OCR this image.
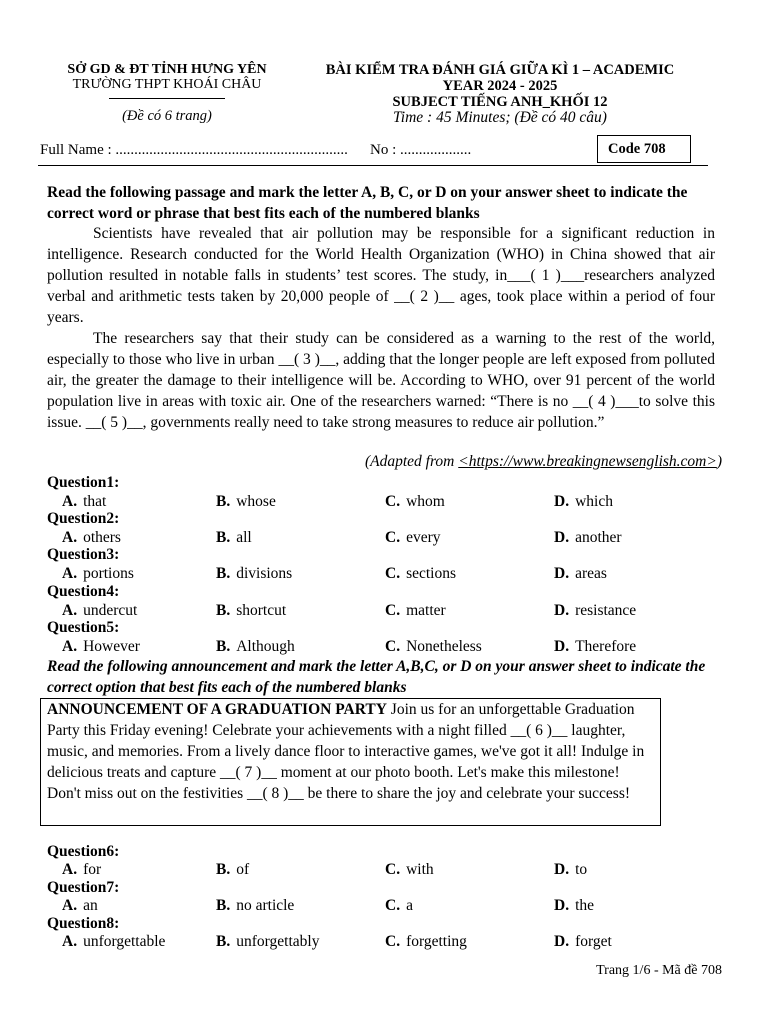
SỞ GD & ĐT TỈNH HƯNG YÊN
TRƯỜNG THPT KHOÁI CHÂU
(Đề có 6 trang)
BÀI KIỂM TRA ĐÁNH GIÁ GIỮA KÌ 1 – ACADEMIC
YEAR 2024 - 2025
SUBJECT TIẾNG ANH_KHỐI 12
Time : 45 Minutes; (Đề có 40 câu)
Code 708
Full Name : .............................................................. No : ...................
Read the following passage and mark the letter A, B, C, or D on your answer sheet to indicate the correct word or phrase that best fits each of the numbered blanks

Scientists have revealed that air pollution may be responsible for a significant reduction in intelligence. Research conducted for the World Health Organization (WHO) in China showed that air pollution resulted in notable falls in students’ test scores. The study, in___( 1 )___researchers analyzed verbal and arithmetic tests taken by 20,000 people of __( 2 )__ ages, took place within a period of four years.

The researchers say that their study can be considered as a warning to the rest of the world, especially to those who live in urban __( 3 )__, adding that the longer people are left exposed from polluted air, the greater the damage to their intelligence will be. According to WHO, over 91 percent of the world population live in areas with toxic air. One of the researchers warned: “There is no __( 4 )___to solve this issue. __( 5 )__, governments really need to take strong measures to reduce air pollution.”

(Adapted from <https://www.breakingnewsenglish.com>)
Question1:
A. that	B. whose	C. whom	D. which
Question2:
A. others	B. all	C. every	D. another
Question3:
A. portions	B. divisions	C. sections	D. areas
Question4:
A. undercut	B. shortcut	C. matter	D. resistance
Question5:
A. However	B. Although	C. Nonetheless	D. Therefore
Read the following announcement and mark the letter A,B,C, or D on your answer sheet to indicate the correct option that best fits each of the numbered blanks
ANNOUNCEMENT OF A GRADUATION PARTY Join us for an unforgettable Graduation Party this Friday evening! Celebrate your achievements with a night filled __( 6 )__ laughter, music, and memories. From a lively dance floor to interactive games, we've got it all! Indulge in delicious treats and capture __( 7 )__ moment at our photo booth. Let's make this milestone! Don't miss out on the festivities __( 8 )__ be there to share the joy and celebrate your success!
Question6:
A. for	B. of	C. with	D. to
Question7:
A. an	B. no article	C. a	D. the
Question8:
A. unforgettable	B. unforgettably	C. forgetting	D. forget
Trang 1/6 - Mã đề 708
